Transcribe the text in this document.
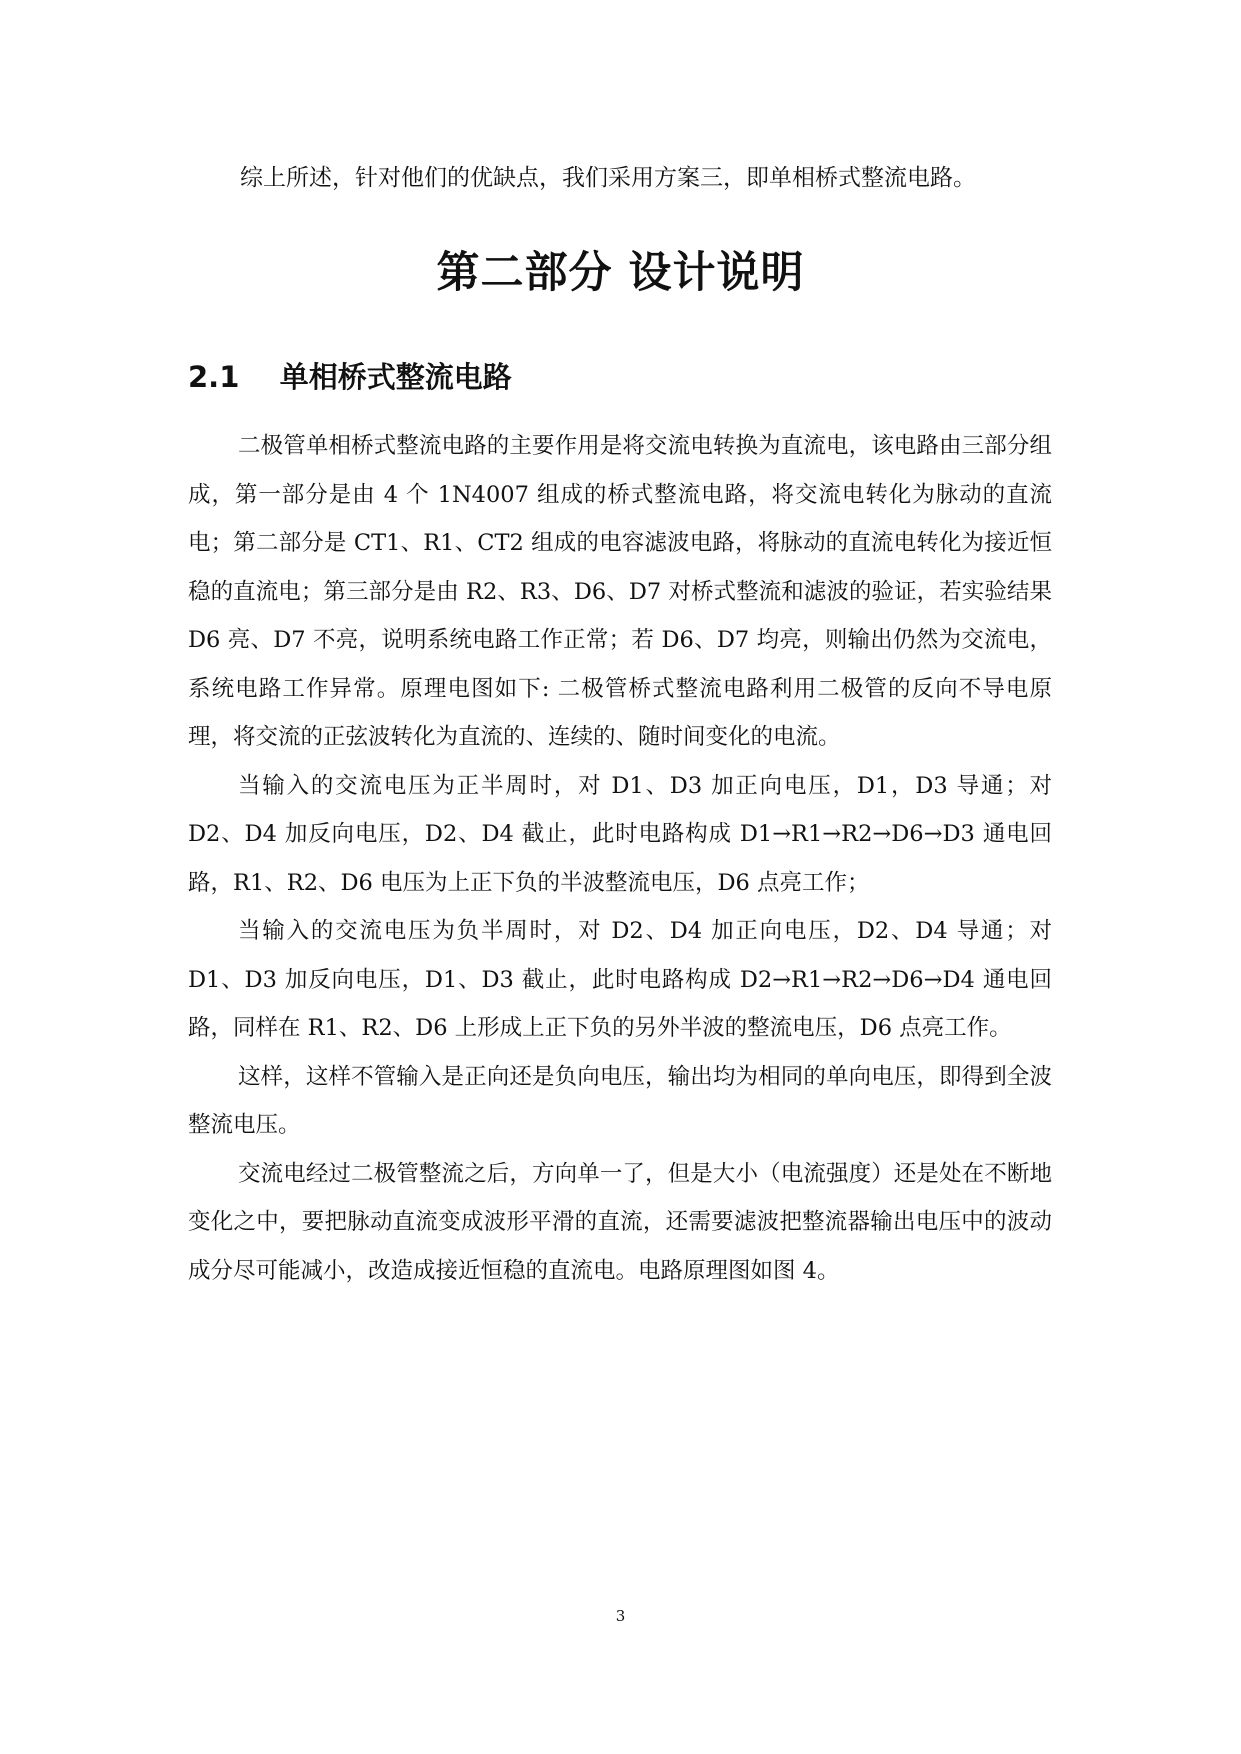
综上所述，针对他们的优缺点，我们采用方案三，即单相桥式整流电路。
第二部分 设计说明
2.1 单相桥式整流电路

二极管单相桥式整流电路的主要作用是将交流电转换为直流电，该电路由三部分组成，第一部分是由 4 个 1N4007 组成的桥式整流电路，将交流电转化为脉动的直流电；第二部分是 CT1、R1、CT2 组成的电容滤波电路，将脉动的直流电转化为接近恒稳的直流电；第三部分是由 R2、R3、D6、D7 对桥式整流和滤波的验证，若实验结果 D6 亮、D7 不亮，说明系统电路工作正常；若 D6、D7 均亮，则输出仍然为交流电，系统电路工作异常。原理电图如下: 二极管桥式整流电路利用二极管的反向不导电原理，将交流的正弦波转化为直流的、连续的、随时间变化的电流。

当输入的交流电压为正半周时，对 D1、D3 加正向电压，D1，D3 导通；对 D2、D4 加反向电压，D2、D4 截止，此时电路构成 D1→R1→R2→D6→D3 通电回路，R1、R2、D6 电压为上正下负的半波整流电压，D6 点亮工作；

当输入的交流电压为负半周时，对 D2、D4 加正向电压，D2、D4 导通；对 D1、D3 加反向电压，D1、D3 截止，此时电路构成 D2→R1→R2→D6→D4 通电回路，同样在 R1、R2、D6 上形成上正下负的另外半波的整流电压，D6 点亮工作。

这样，这样不管输入是正向还是负向电压，输出均为相同的单向电压，即得到全波整流电压。

交流电经过二极管整流之后，方向单一了，但是大小（电流强度）还是处在不断地变化之中，要把脉动直流变成波形平滑的直流，还需要滤波把整流器输出电压中的波动成分尽可能减小，改造成接近恒稳的直流电。电路原理图如图 4。

3
